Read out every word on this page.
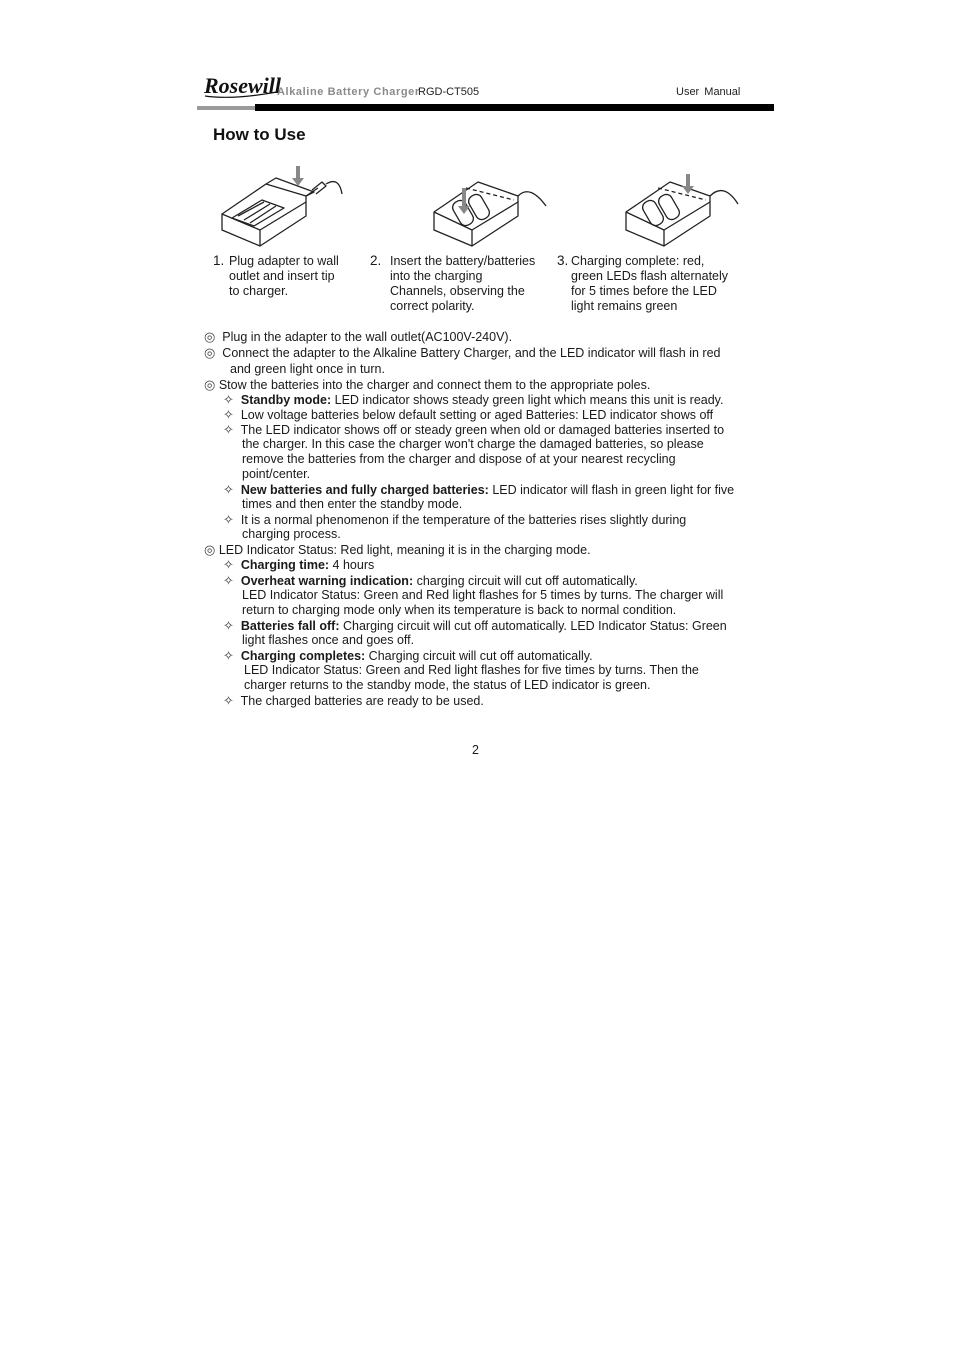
Rosewill
Alkaline Battery Charger
RGD-CT505	User Manual
How to Use
1. Plug adapter to wall
outlet and insert tip
to charger.
2. Insert the battery/batteries
into the charging
Channels, observing the
correct polarity.
3. Charging complete: red,
green LEDs flash alternately
for 5 times before the LED
light remains green
◎ Plug in the adapter to the wall outlet(AC100V-240V).
◎ Connect the adapter to the Alkaline Battery Charger, and the LED indicator will flash in red
and green light once in turn.
◎ Stow the batteries into the charger and connect them to the appropriate poles.
✧ Standby mode: LED indicator shows steady green light which means this unit is ready.
✧ Low voltage batteries below default setting or aged Batteries: LED indicator shows off
✧ The LED indicator shows off or steady green when old or damaged batteries inserted to
the charger. In this case the charger won't charge the damaged batteries, so please
remove the batteries from the charger and dispose of at your nearest recycling
point/center.
✧ New batteries and fully charged batteries: LED indicator will flash in green light for five
times and then enter the standby mode.
✧ It is a normal phenomenon if the temperature of the batteries rises slightly during
charging process.
◎ LED Indicator Status: Red light, meaning it is in the charging mode.
✧ Charging time: 4 hours
✧ Overheat warning indication: charging circuit will cut off automatically.
LED Indicator Status: Green and Red light flashes for 5 times by turns. The charger will
return to charging mode only when its temperature is back to normal condition.
✧ Batteries fall off: Charging circuit will cut off automatically. LED Indicator Status: Green
light flashes once and goes off.
✧ Charging completes: Charging circuit will cut off automatically.
LED Indicator Status: Green and Red light flashes for five times by turns. Then the
charger returns to the standby mode, the status of LED indicator is green.
✧ The charged batteries are ready to be used.
2
